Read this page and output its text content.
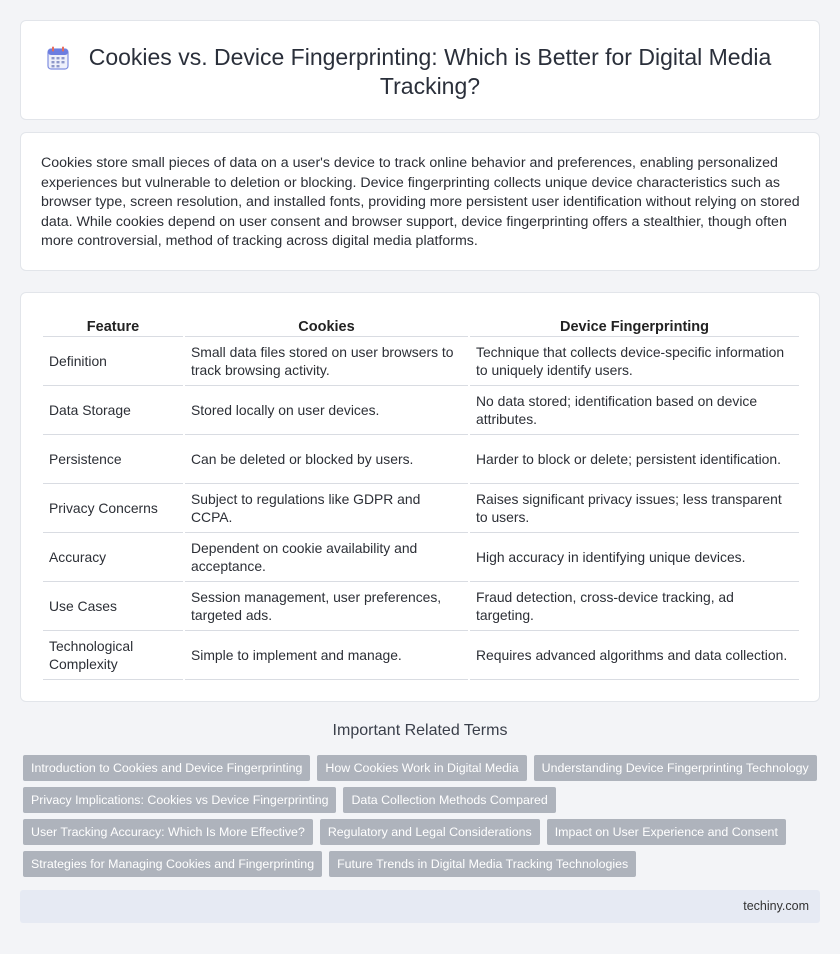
Cookies vs. Device Fingerprinting: Which is Better for Digital Media Tracking?

Cookies store small pieces of data on a user's device to track online behavior and preferences, enabling personalized experiences but vulnerable to deletion or blocking. Device fingerprinting collects unique device characteristics such as browser type, screen resolution, and installed fonts, providing more persistent user identification without relying on stored data. While cookies depend on user consent and browser support, device fingerprinting offers a stealthier, though often more controversial, method of tracking across digital media platforms.

Feature	Cookies	Device Fingerprinting
Definition	Small data files stored on user browsers to track browsing activity.	Technique that collects device-specific information to uniquely identify users.
Data Storage	Stored locally on user devices.	No data stored; identification based on device attributes.
Persistence	Can be deleted or blocked by users.	Harder to block or delete; persistent identification.
Privacy Concerns	Subject to regulations like GDPR and CCPA.	Raises significant privacy issues; less transparent to users.
Accuracy	Dependent on cookie availability and acceptance.	High accuracy in identifying unique devices.
Use Cases	Session management, user preferences, targeted ads.	Fraud detection, cross-device tracking, ad targeting.
Technological Complexity	Simple to implement and manage.	Requires advanced algorithms and data collection.
Important Related Terms
Introduction to Cookies and Device Fingerprinting	How Cookies Work in Digital Media	Understanding Device Fingerprinting Technology
Privacy Implications: Cookies vs Device Fingerprinting	Data Collection Methods Compared
User Tracking Accuracy: Which Is More Effective?	Regulatory and Legal Considerations	Impact on User Experience and Consent
Strategies for Managing Cookies and Fingerprinting	Future Trends in Digital Media Tracking Technologies
techiny.com
